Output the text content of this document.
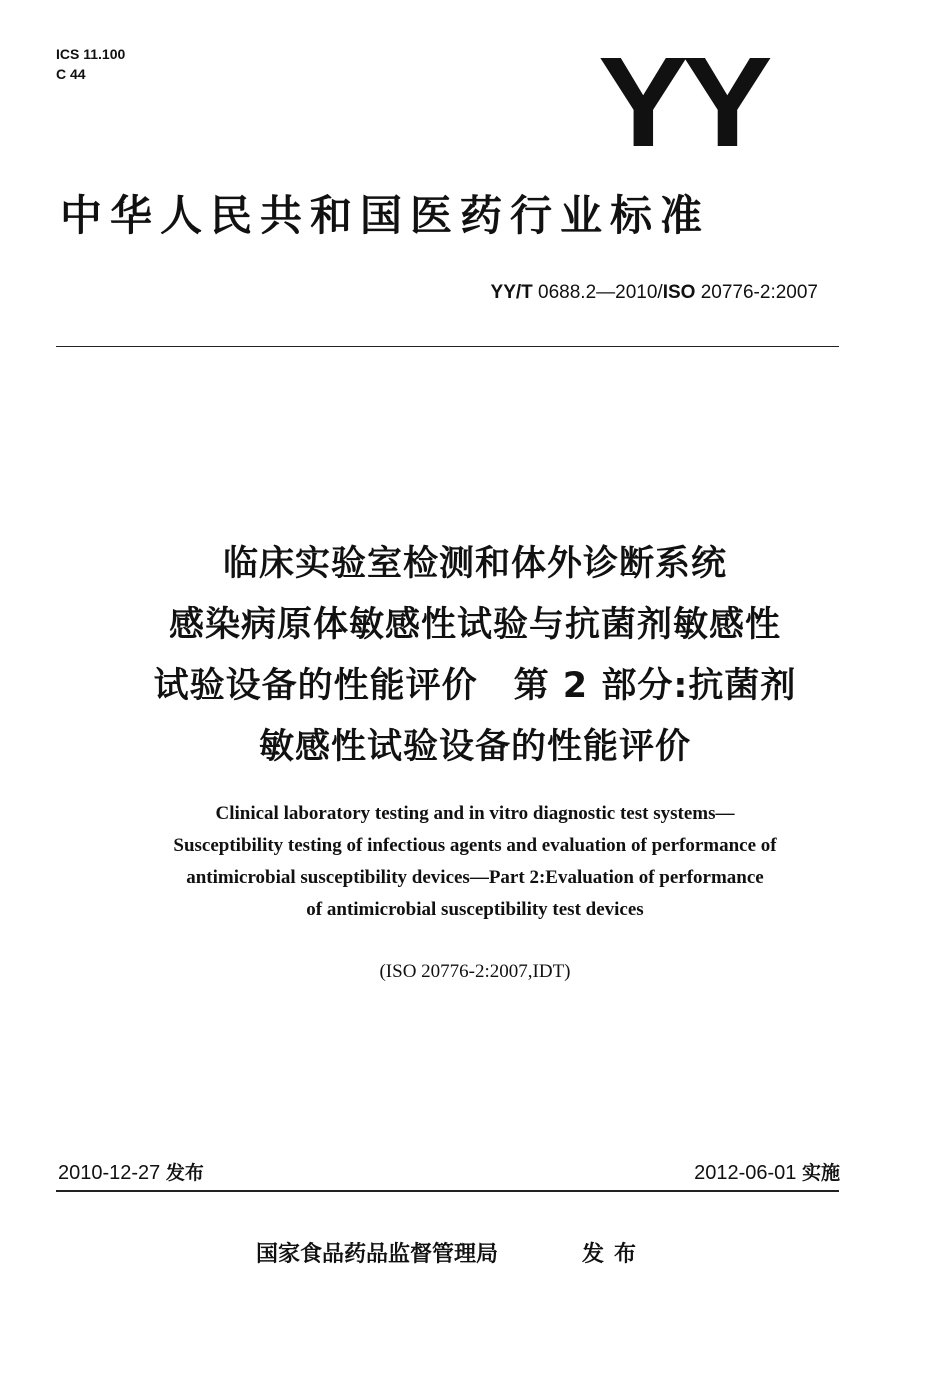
ICS 11.100
C 44	YY
中华人民共和国医药行业标准
YY/T 0688.2—2010/ISO 20776-2:2007
临床实验室检测和体外诊断系统
感染病原体敏感性试验与抗菌剂敏感性
试验设备的性能评价　第 2 部分:抗菌剂
敏感性试验设备的性能评价
Clinical laboratory testing and in vitro diagnostic test systems—
Susceptibility testing of infectious agents and evaluation of performance of
antimicrobial susceptibility devices—Part 2:Evaluation of performance
of antimicrobial susceptibility test devices
(ISO 20776-2:2007,IDT)
2010-12-27 发布	2012-06-01 实施
国家食品药品监督管理局	发布
